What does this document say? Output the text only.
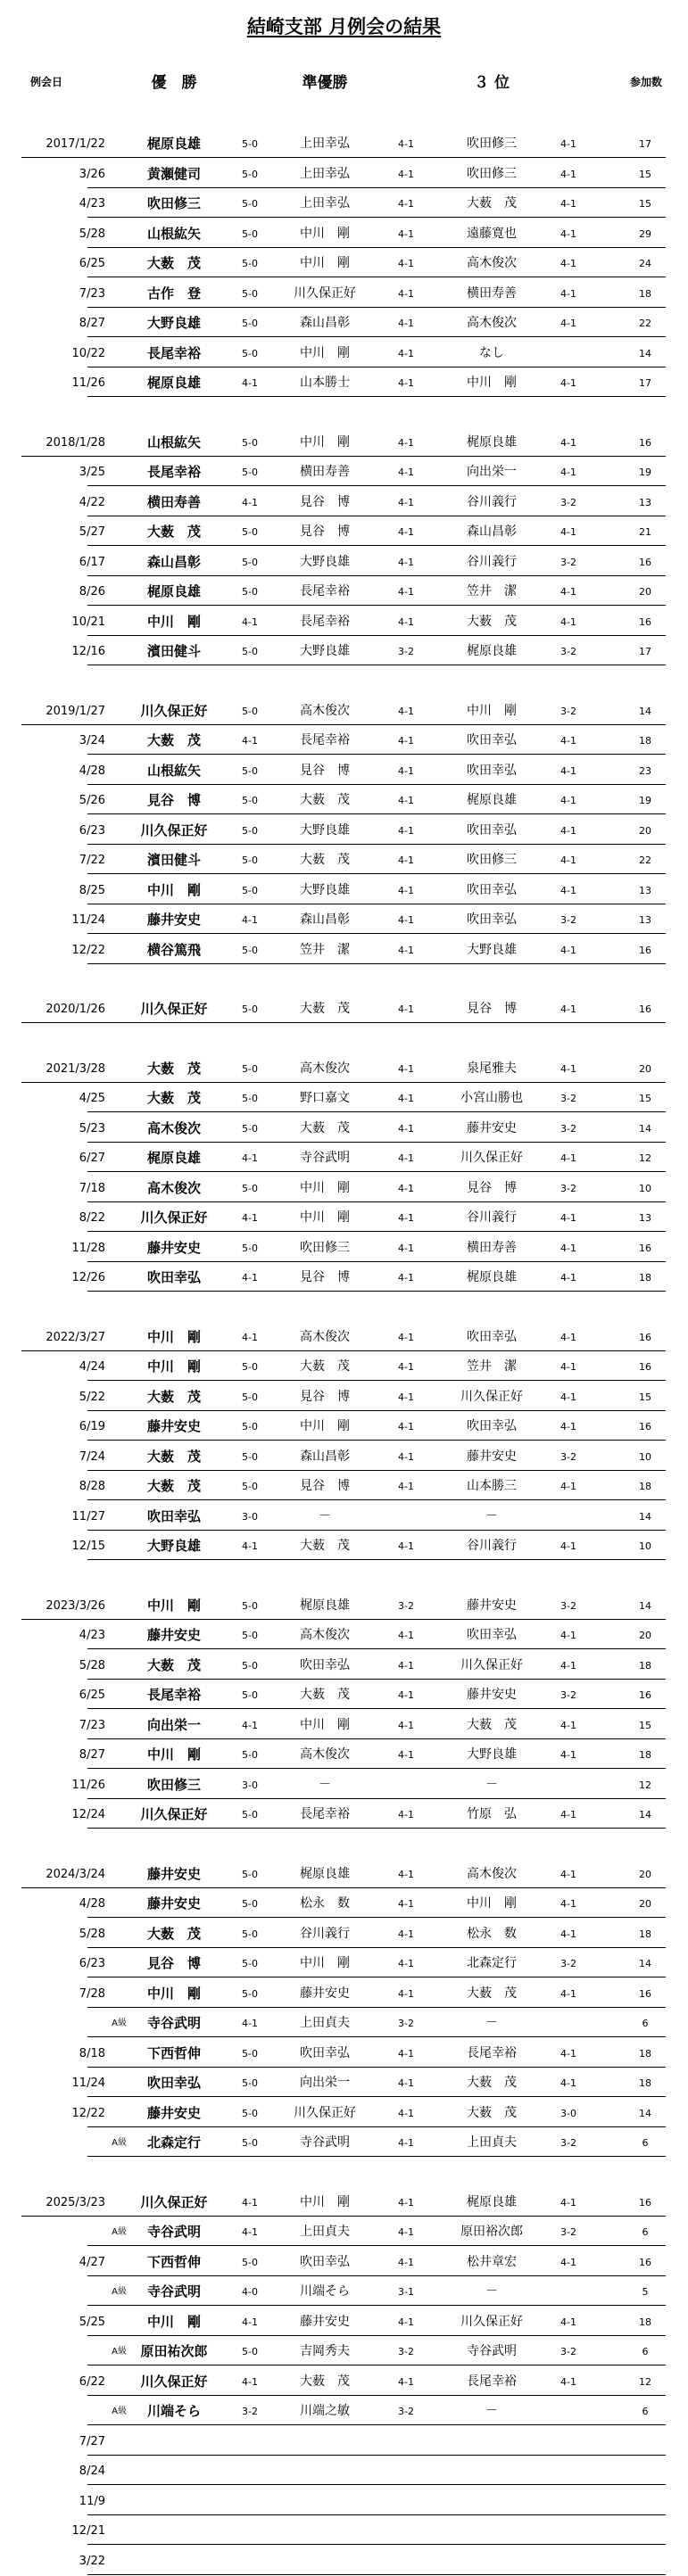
結崎支部 月例会の結果
例会日	優　勝	準優勝	３ 位	参加数
2017/1/22	梶原良雄	5-0	上田幸弘	4-1	吹田修三	4-1	17
3/26	黄瀬健司	5-0	上田幸弘	4-1	吹田修三	4-1	15
4/23	吹田修三	5-0	上田幸弘	4-1	大薮　茂	4-1	15
5/28	山根紘矢	5-0	中川　剛	4-1	遠藤寛也	4-1	29
6/25	大薮　茂	5-0	中川　剛	4-1	高木俊次	4-1	24
7/23	古作　登	5-0	川久保正好	4-1	横田寿善	4-1	18
8/27	大野良雄	5-0	森山昌彰	4-1	高木俊次	4-1	22
10/22	長尾幸裕	5-0	中川　剛	4-1	なし	14
11/26	梶原良雄	4-1	山本勝士	4-1	中川　剛	4-1	17
2018/1/28	山根紘矢	5-0	中川　剛	4-1	梶原良雄	4-1	16
3/25	長尾幸裕	5-0	横田寿善	4-1	向出栄一	4-1	19
4/22	横田寿善	4-1	見谷　博	4-1	谷川義行	3-2	13
5/27	大薮　茂	5-0	見谷　博	4-1	森山昌彰	4-1	21
6/17	森山昌彰	5-0	大野良雄	4-1	谷川義行	3-2	16
8/26	梶原良雄	5-0	長尾幸裕	4-1	笠井　潔	4-1	20
10/21	中川　剛	4-1	長尾幸裕	4-1	大薮　茂	4-1	16
12/16	濱田健斗	5-0	大野良雄	3-2	梶原良雄	3-2	17
2019/1/27	川久保正好	5-0	高木俊次	4-1	中川　剛	3-2	14
3/24	大薮　茂	4-1	長尾幸裕	4-1	吹田幸弘	4-1	18
4/28	山根紘矢	5-0	見谷　博	4-1	吹田幸弘	4-1	23
5/26	見谷　博	5-0	大薮　茂	4-1	梶原良雄	4-1	19
6/23	川久保正好	5-0	大野良雄	4-1	吹田幸弘	4-1	20
7/22	濱田健斗	5-0	大薮　茂	4-1	吹田修三	4-1	22
8/25	中川　剛	5-0	大野良雄	4-1	吹田幸弘	4-1	13
11/24	藤井安史	4-1	森山昌彰	4-1	吹田幸弘	3-2	13
12/22	横谷篤飛	5-0	笠井　潔	4-1	大野良雄	4-1	16
2020/1/26	川久保正好	5-0	大薮　茂	4-1	見谷　博	4-1	16
2021/3/28	大薮　茂	5-0	高木俊次	4-1	泉尾雅夫	4-1	20
4/25	大薮　茂	5-0	野口嘉文	4-1	小宮山勝也	3-2	15
5/23	高木俊次	5-0	大薮　茂	4-1	藤井安史	3-2	14
6/27	梶原良雄	4-1	寺谷武明	4-1	川久保正好	4-1	12
7/18	高木俊次	5-0	中川　剛	4-1	見谷　博	3-2	10
8/22	川久保正好	4-1	中川　剛	4-1	谷川義行	4-1	13
11/28	藤井安史	5-0	吹田修三	4-1	横田寿善	4-1	16
12/26	吹田幸弘	4-1	見谷　博	4-1	梶原良雄	4-1	18
2022/3/27	中川　剛	4-1	高木俊次	4-1	吹田幸弘	4-1	16
4/24	中川　剛	5-0	大薮　茂	4-1	笠井　潔	4-1	16
5/22	大薮　茂	5-0	見谷　博	4-1	川久保正好	4-1	15
6/19	藤井安史	5-0	中川　剛	4-1	吹田幸弘	4-1	16
7/24	大薮　茂	5-0	森山昌彰	4-1	藤井安史	3-2	10
8/28	大薮　茂	5-0	見谷　博	4-1	山本勝三	4-1	18
11/27	吹田幸弘	3-0	－	－	14
12/15	大野良雄	4-1	大薮　茂	4-1	谷川義行	4-1	10
2023/3/26	中川　剛	5-0	梶原良雄	3-2	藤井安史	3-2	14
4/23	藤井安史	5-0	高木俊次	4-1	吹田幸弘	4-1	20
5/28	大薮　茂	5-0	吹田幸弘	4-1	川久保正好	4-1	18
6/25	長尾幸裕	5-0	大薮　茂	4-1	藤井安史	3-2	16
7/23	向出栄一	4-1	中川　剛	4-1	大薮　茂	4-1	15
8/27	中川　剛	5-0	高木俊次	4-1	大野良雄	4-1	18
11/26	吹田修三	3-0	－	－	12
12/24	川久保正好	5-0	長尾幸裕	4-1	竹原　弘	4-1	14
2024/3/24	藤井安史	5-0	梶原良雄	4-1	高木俊次	4-1	20
4/28	藤井安史	5-0	松永　数	4-1	中川　剛	4-1	20
5/28	大薮　茂	5-0	谷川義行	4-1	松永　数	4-1	18
6/23	見谷　博	5-0	中川　剛	4-1	北森定行	3-2	14
7/28	中川　剛	5-0	藤井安史	4-1	大薮　茂	4-1	16
A級	寺谷武明	4-1	上田貞夫	3-2	－	6
8/18	下西哲伸	5-0	吹田幸弘	4-1	長尾幸裕	4-1	18
11/24	吹田幸弘	5-0	向出栄一	4-1	大薮　茂	4-1	18
12/22	藤井安史	5-0	川久保正好	4-1	大薮　茂	3-0	14
A級	北森定行	5-0	寺谷武明	4-1	上田貞夫	3-2	6
2025/3/23	川久保正好	4-1	中川　剛	4-1	梶原良雄	4-1	16
A級	寺谷武明	4-1	上田貞夫	4-1	原田裕次郎	3-2	6
4/27	下西哲伸	5-0	吹田幸弘	4-1	松井章宏	4-1	16
A級	寺谷武明	4-0	川端そら	3-1	－	5
5/25	中川　剛	4-1	藤井安史	4-1	川久保正好	4-1	18
A級	原田祐次郎	5-0	吉岡秀夫	3-2	寺谷武明	3-2	6
6/22	川久保正好	4-1	大薮　茂	4-1	長尾幸裕	4-1	12
A級	川端そら	3-2	川端之敏	3-2	－	6
7/27
8/24
11/9
12/21
3/22
